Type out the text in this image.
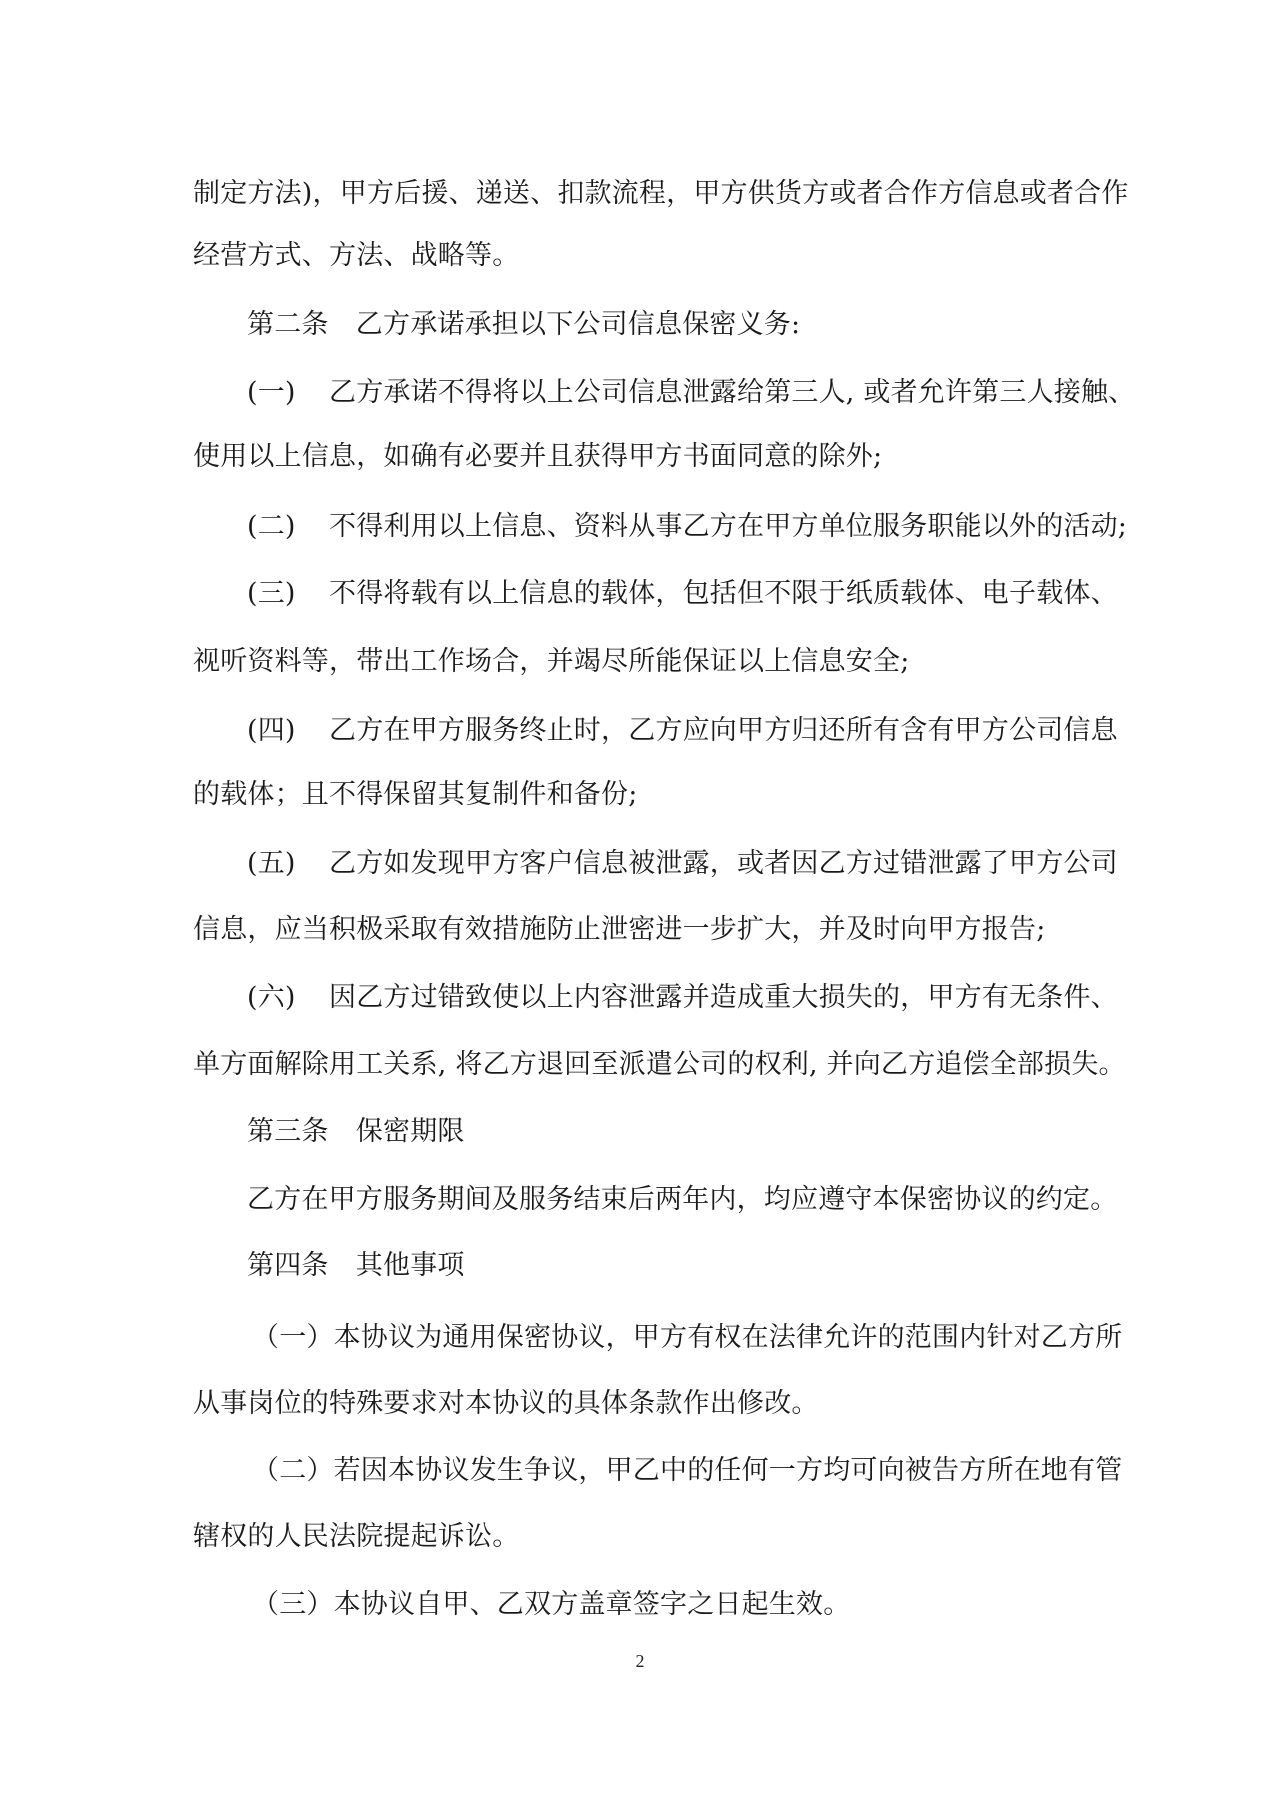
制定方法)，甲方后援、递送、扣款流程，甲方供货方或者合作方信息或者合作
经营方式、方法、战略等。
第二条　乙方承诺承担以下公司信息保密义务:
(一) 乙方承诺不得将以上公司信息泄露给第三人, 或者允许第三人接触、
使用以上信息，如确有必要并且获得甲方书面同意的除外;
(二) 不得利用以上信息、资料从事乙方在甲方单位服务职能以外的活动;
(三) 不得将载有以上信息的载体，包括但不限于纸质载体、电子载体、
视听资料等，带出工作场合，并竭尽所能保证以上信息安全;
(四) 乙方在甲方服务终止时，乙方应向甲方归还所有含有甲方公司信息
的载体；且不得保留其复制件和备份;
(五) 乙方如发现甲方客户信息被泄露，或者因乙方过错泄露了甲方公司
信息，应当积极采取有效措施防止泄密进一步扩大，并及时向甲方报告;
(六) 因乙方过错致使以上内容泄露并造成重大损失的，甲方有无条件、
单方面解除用工关系, 将乙方退回至派遣公司的权利, 并向乙方追偿全部损失。
第三条　保密期限
乙方在甲方服务期间及服务结束后两年内，均应遵守本保密协议的约定。
第四条　其他事项
（一）本协议为通用保密协议，甲方有权在法律允许的范围内针对乙方所
从事岗位的特殊要求对本协议的具体条款作出修改。
（二）若因本协议发生争议，甲乙中的任何一方均可向被告方所在地有管
辖权的人民法院提起诉讼。
（三）本协议自甲、乙双方盖章签字之日起生效。
2
